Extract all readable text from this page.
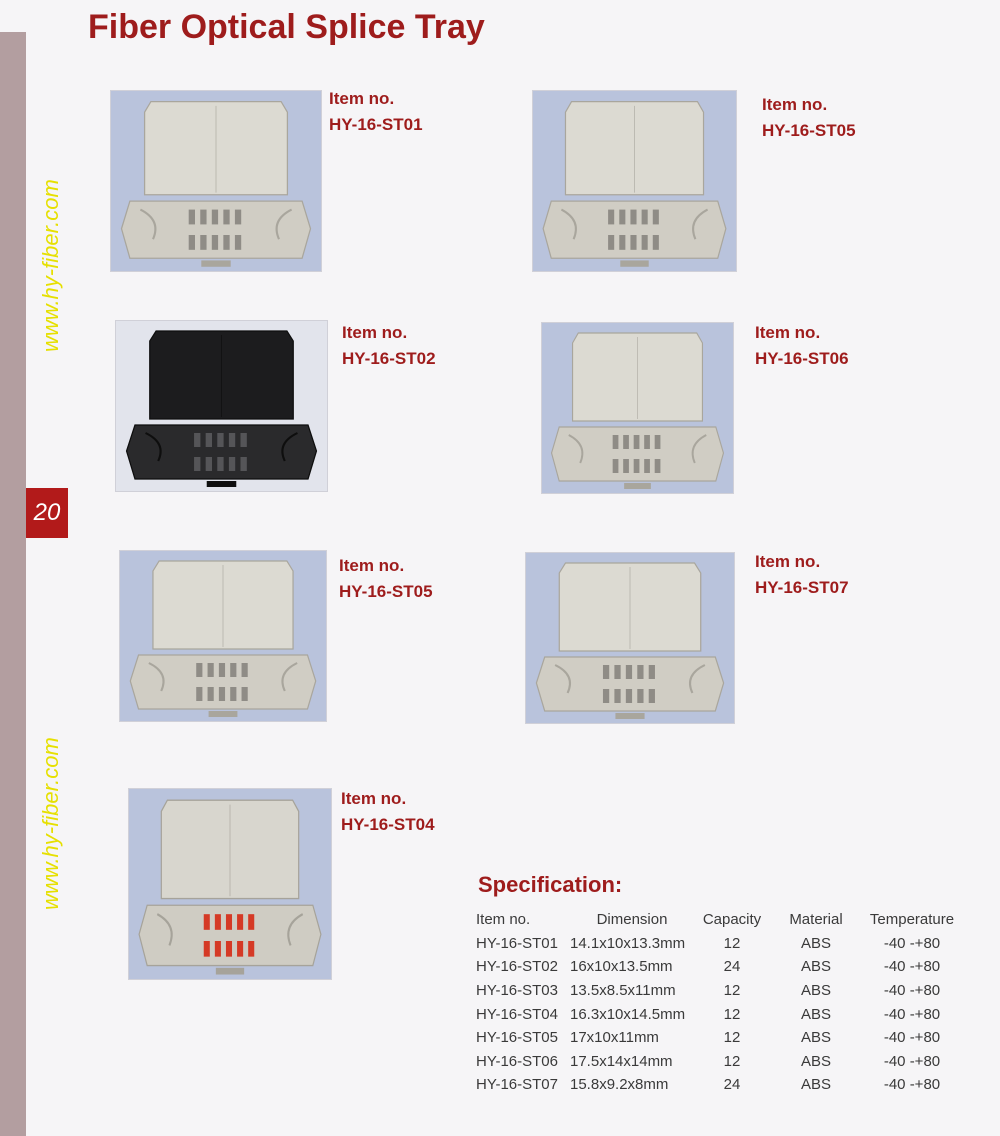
www.hy-fiber.com
www.hy-fiber.com
20
Fiber Optical Splice Tray
Item no.
HY-16-ST01
Item no.
HY-16-ST05
Item no.
HY-16-ST02
Item no.
HY-16-ST06
Item no.
HY-16-ST05
Item no.
HY-16-ST07
Item no.
HY-16-ST04
Specification:
Item no.	Dimension	Capacity	Material	Temperature
HY-16-ST01	14.1x10x13.3mm	12	ABS	-40 -+80
HY-16-ST02	16x10x13.5mm	24	ABS	-40 -+80
HY-16-ST03	13.5x8.5x11mm	12	ABS	-40 -+80
HY-16-ST04	16.3x10x14.5mm	12	ABS	-40 -+80
HY-16-ST05	17x10x11mm	12	ABS	-40 -+80
HY-16-ST06	17.5x14x14mm	12	ABS	-40 -+80
HY-16-ST07	15.8x9.2x8mm	24	ABS	-40 -+80
